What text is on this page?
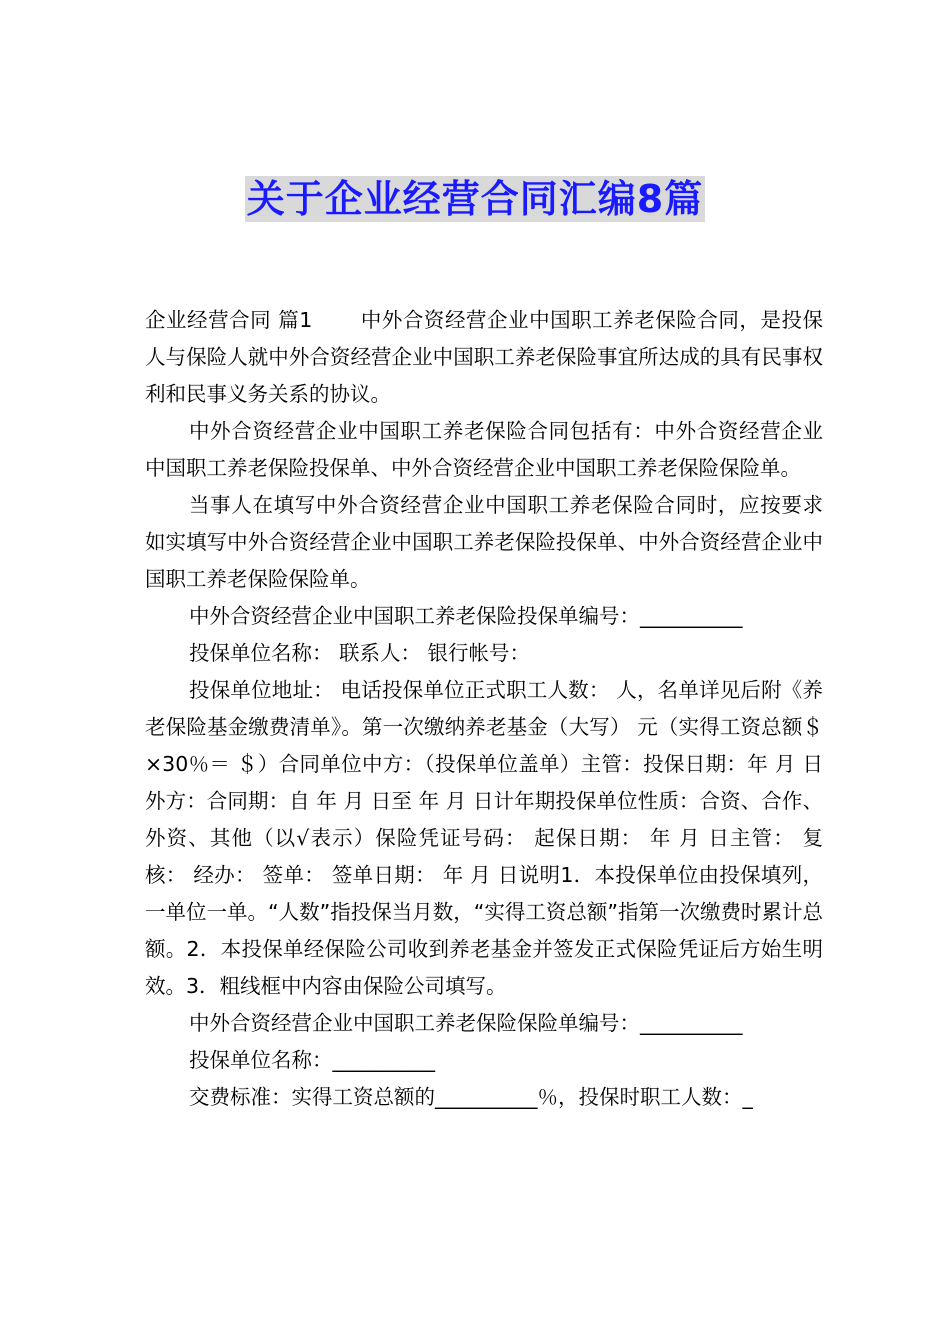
关于企业经营合同汇编8篇

企业经营合同 篇1 中外合资经营企业中国职工养老保险合同，是投保人与保险人就中外合资经营企业中国职工养老保险事宜所达成的具有民事权利和民事义务关系的协议。

中外合资经营企业中国职工养老保险合同包括有：中外合资经营企业中国职工养老保险投保单、中外合资经营企业中国职工养老保险保险单。

当事人在填写中外合资经营企业中国职工养老保险合同时，应按要求如实填写中外合资经营企业中国职工养老保险投保单、中外合资经营企业中国职工养老保险保险单。

中外合资经营企业中国职工养老保险投保单编号：__________

投保单位名称： 联系人： 银行帐号：

投保单位地址： 电话投保单位正式职工人数： 人，名单详见后附《养老保险基金缴费清单》。第一次缴纳养老基金（大写） 元（实得工资总额＄ ×30％＝ ＄）合同单位中方：（投保单位盖单）主管：投保日期：年 月 日外方：合同期：自 年 月 日至 年 月 日计年期投保单位性质：合资、合作、外资、其他（以√表示）保险凭证号码： 起保日期： 年 月 日主管： 复核： 经办： 签单： 签单日期： 年 月 日说明1．本投保单位由投保填列，一单位一单。“人数”指投保当月数，“实得工资总额”指第一次缴费时累计总额。2．本投保单经保险公司收到养老基金并签发正式保险凭证后方始生明效。3．粗线框中内容由保险公司填写。

中外合资经营企业中国职工养老保险保险单编号：__________

投保单位名称：__________

交费标准：实得工资总额的__________％，投保时职工人数：_
